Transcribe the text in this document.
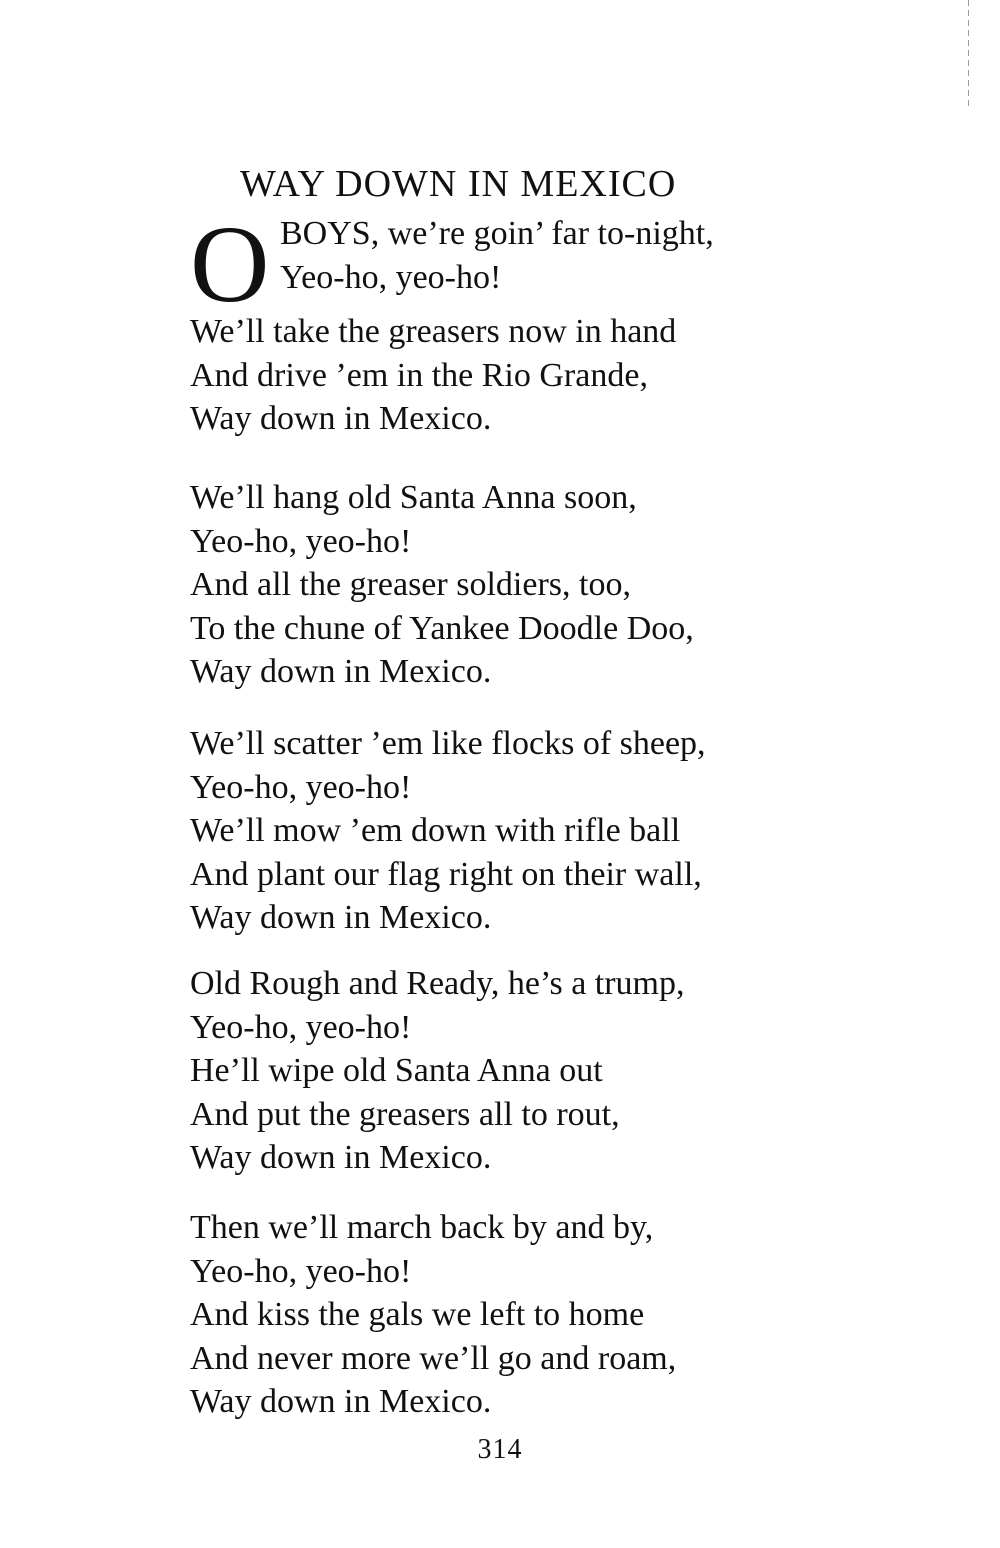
WAY DOWN IN MEXICO
O BOYS, we’re goin’ far to-night,
Yeo-ho, yeo-ho!
We’ll take the greasers now in hand
And drive ’em in the Rio Grande,
Way down in Mexico.
We’ll hang old Santa Anna soon,
Yeo-ho, yeo-ho!
And all the greaser soldiers, too,
To the chune of Yankee Doodle Doo,
Way down in Mexico.
We’ll scatter ’em like flocks of sheep,
Yeo-ho, yeo-ho!
We’ll mow ’em down with rifle ball
And plant our flag right on their wall,
Way down in Mexico.
Old Rough and Ready, he’s a trump,
Yeo-ho, yeo-ho!
He’ll wipe old Santa Anna out
And put the greasers all to rout,
Way down in Mexico.
Then we’ll march back by and by,
Yeo-ho, yeo-ho!
And kiss the gals we left to home
And never more we’ll go and roam,
Way down in Mexico.
314
